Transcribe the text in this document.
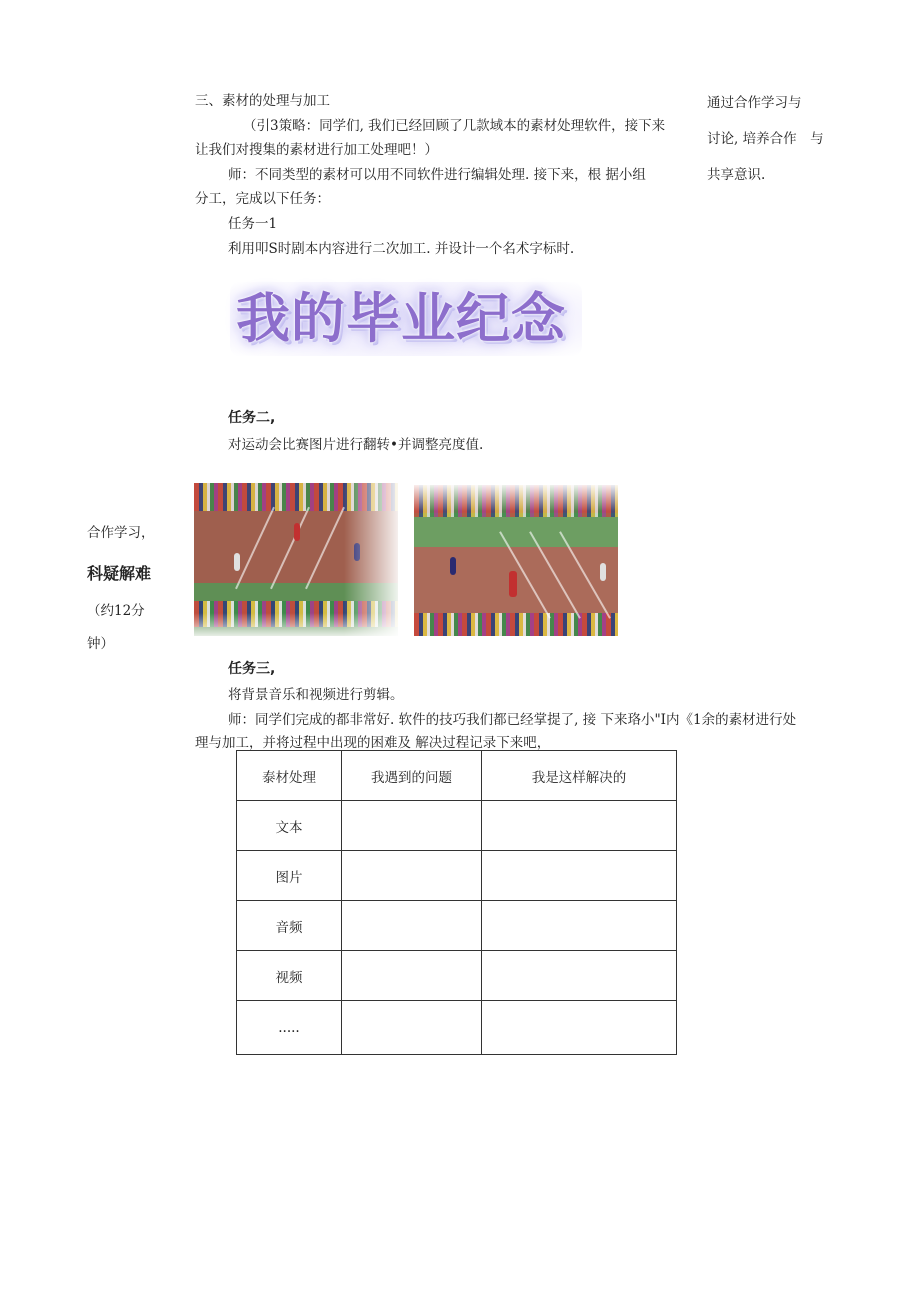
通过合作学习与
讨论, 培养合作　与
共享意识.
三、素材的处理与加工
（引3策略：同学们, 我们已经回顾了几款域本的素材处理软件，接下来
让我们对搜集的素材进行加工处理吧！）
师：不同类型的素材可以用不同软件进行编辑处理. 接下来，根 据小组
分工，完成以下任务：
任务一1
利用叩S时剧本内容进行二次加工. 并设计一个名术字标时.
我的毕业纪念
任务二,
对运动会比赛图片进行翻转•并调整亮度值.
合作学习，
科疑解难
（约12分
钟）
任务三,
将背景音乐和视频进行剪辑。
师：同学们完成的都非常好. 软件的技巧我们都已经掌提了, 接 下来珞小"I内《1余的素材进行处
理与加工，并将过程中出现的困难及 解决过程记录下来吧，
泰材处理	我遇到的问题	我是这样解决的
文本		
图片		
音频		
视频		
.....		
